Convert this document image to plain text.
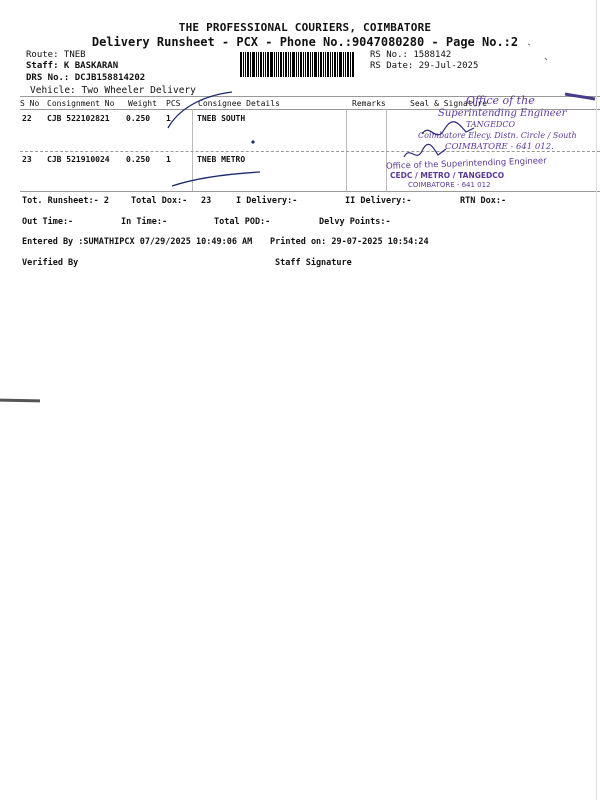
THE PROFESSIONAL COURIERS, COIMBATORE
Delivery Runsheet - PCX - Phone No.:9047080280 - Page No.:2
Route: TNEB
Staff: K BASKARAN
DRS No.: DCJB158814202
Vehicle: Two Wheeler Delivery
RS No.: 1588142
RS Date: 29-Jul-2025
S No Consignment No Weight PCS Consignee Details	Remarks	Seal & Signature
22 CJB 522102821 0.250 1	TNEB SOUTH
23 CJB 521910024 0.250 1	TNEB METRO
Office of the
Superintending Engineer
TANGEDCO
Coimbatore Elecy. Distn. Circle / South
COIMBATORE - 641 012.
Office of the Superintending Engineer
CEDC / METRO / TANGEDCO
COIMBATORE - 641 012
Tot. Runsheet:- 2	Total Dox:- 23	I Delivery:-	II Delivery:-	RTN Dox:-
Out Time:-	In Time:-	Total POD:-	Delvy Points:-
Entered By :SUMATHIPCX 07/29/2025 10:49:06 AM Printed on: 29-07-2025 10:54:24
Verified By	Staff Signature
